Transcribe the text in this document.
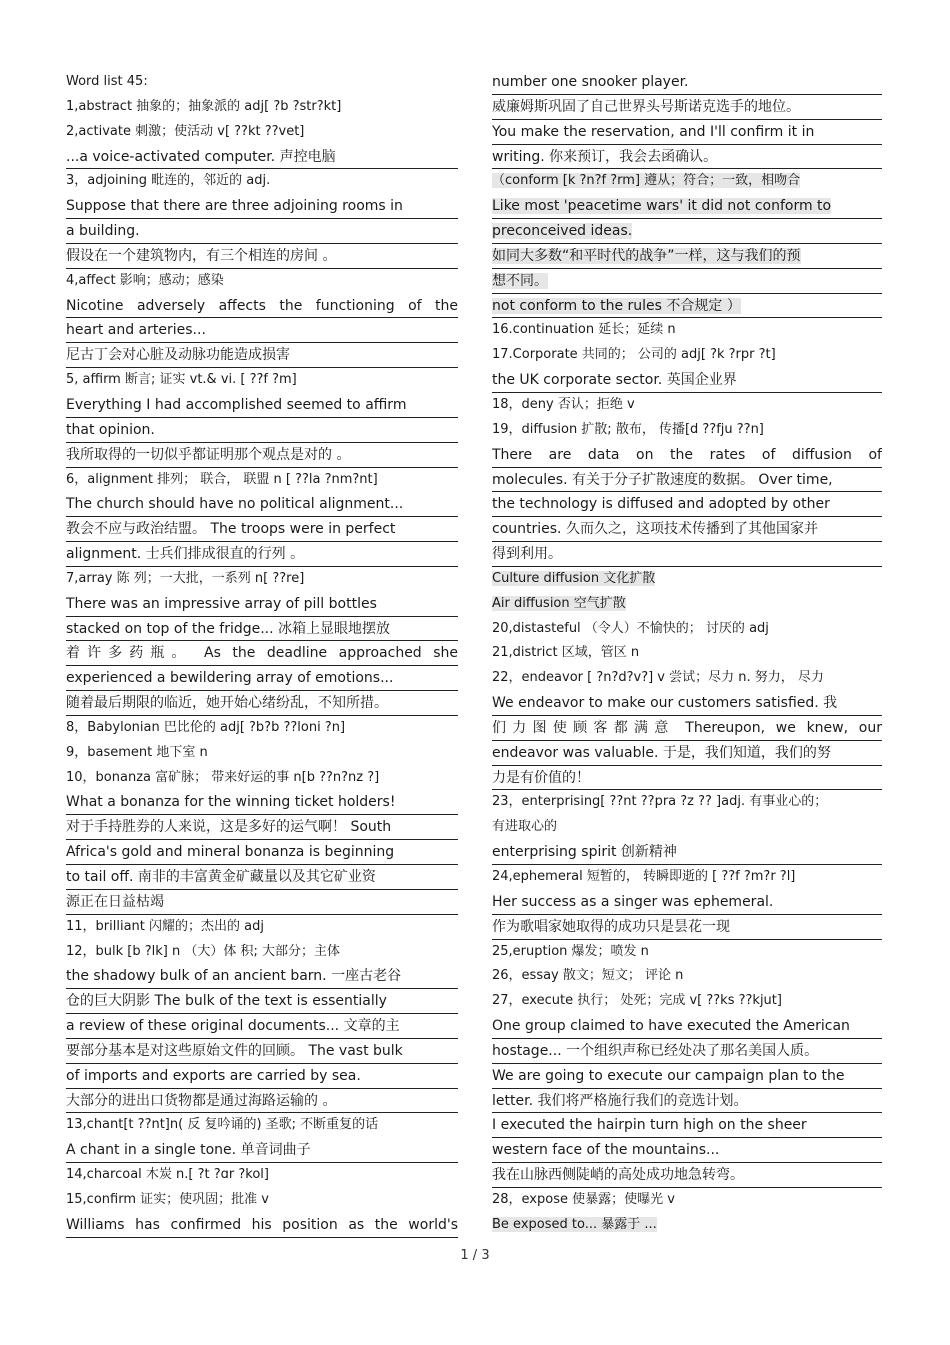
Word list 45:
1,abstract 抽象的；抽象派的 adj[ ?b ?str?kt]
2,activate 刺激；使活动 v[ ??kt ??vet]
...a voice-activated computer. 声控电脑
3，adjoining 毗连的，邻近的 adj.
Suppose that there are three adjoining rooms in
a building.
假设在一个建筑物内，有三个相连的房间 。
4,affect 影响；感动；感染
Nicotine adversely affects the functioning of the
heart and arteries...
尼古丁会对心脏及动脉功能造成损害
5, affirm 断言; 证实 vt.& vi. [ ??f ?m]
Everything I had accomplished seemed to affirm
that opinion.
我所取得的一切似乎都证明那个观点是对的 。
6，alignment 排列； 联合， 联盟 n [ ??la ?nm?nt]
The church should have no political alignment...
教会不应与政治结盟。 The troops were in perfect
alignment. 士兵们排成很直的行列 。
7,array 陈 列；一大批，一系列 n[ ??re]
There was an impressive array of pill bottles
stacked on top of the fridge... 冰箱上显眼地摆放
着许多药瓶。 As the deadline approached she
experienced a bewildering array of emotions...
随着最后期限的临近，她开始心绪纷乱，不知所措。
8，Babylonian 巴比伦的 adj[ ?b?b ??loni ?n]
9，basement 地下室 n
10，bonanza 富矿脉； 带来好运的事 n[b ??n?nz ?]
What a bonanza for the winning ticket holders!
对于手持胜券的人来说，这是多好的运气啊！ South
Africa's gold and mineral bonanza is beginning
to tail off. 南非的丰富黄金矿藏量以及其它矿业资
源正在日益枯竭
11，brilliant 闪耀的；杰出的 adj
12，bulk [b ?lk] n （大）体 积; 大部分；主体
the shadowy bulk of an ancient barn. 一座古老谷
仓的巨大阴影 The bulk of the text is essentially
a review of these original documents... 文章的主
要部分基本是对这些原始文件的回顾。 The vast bulk
of imports and exports are carried by sea.
大部分的进出口货物都是通过海路运输的 。
13,chant[t ??nt]n( 反 复吟诵的) 圣歌; 不断重复的话
A chant in a single tone. 单音词曲子
14,charcoal 木炭 n.[ ?t ?ɑr ?kol]
15,confirm 证实；使巩固；批准 v
Williams has confirmed his position as the world's
number one snooker player.
威廉姆斯巩固了自己世界头号斯诺克选手的地位。
You make the reservation, and I'll confirm it in
writing. 你来预订，我会去函确认。
（conform [k ?n?f ?rm] 遵从；符合；一致，相吻合
Like most 'peacetime wars' it did not conform to
preconceived ideas.
如同大多数“和平时代的战争”一样，这与我们的预
想不同。
not conform to the rules 不合规定 ）
16.continuation 延长；延续 n
17.Corporate 共同的； 公司的 adj[ ?k ?rpr ?t]
the UK corporate sector. 英国企业界
18，deny 否认；拒绝 v
19，diffusion 扩散; 散布， 传播[d ??fju ??n]
There are data on the rates of diffusion of
molecules. 有关于分子扩散速度的数据。 Over time,
the technology is diffused and adopted by other
countries. 久而久之，这项技术传播到了其他国家并
得到利用。
Culture diffusion 文化扩散
Air diffusion 空气扩散
20,distasteful （令人）不愉快的； 讨厌的 adj
21,district 区域，管区 n
22，endeavor [ ?n?d?v?] v 尝试；尽力 n. 努力， 尽力
We endeavor to make our customers satisfied. 我
们力图使顾客都满意 Thereupon, we knew, our
endeavor was valuable. 于是，我们知道，我们的努
力是有价值的！
23，enterprising[ ??nt ??pra ?z ?? ]adj. 有事业心的；
有进取心的
enterprising spirit 创新精神
24,ephemeral 短暂的， 转瞬即逝的 [ ??f ?m?r ?l]
Her success as a singer was ephemeral.
作为歌唱家她取得的成功只是昙花一现
25,eruption 爆发；喷发 n
26，essay 散文；短文； 评论 n
27，execute 执行； 处死；完成 v[ ??ks ??kjut]
One group claimed to have executed the American
hostage... 一个组织声称已经处决了那名美国人质。
We are going to execute our campaign plan to the
letter. 我们将严格施行我们的竞选计划。
I executed the hairpin turn high on the sheer
western face of the mountains...
我在山脉西侧陡峭的高处成功地急转弯。
28，expose 使暴露；使曝光 v
Be exposed to... 暴露于 ...
1 / 3
